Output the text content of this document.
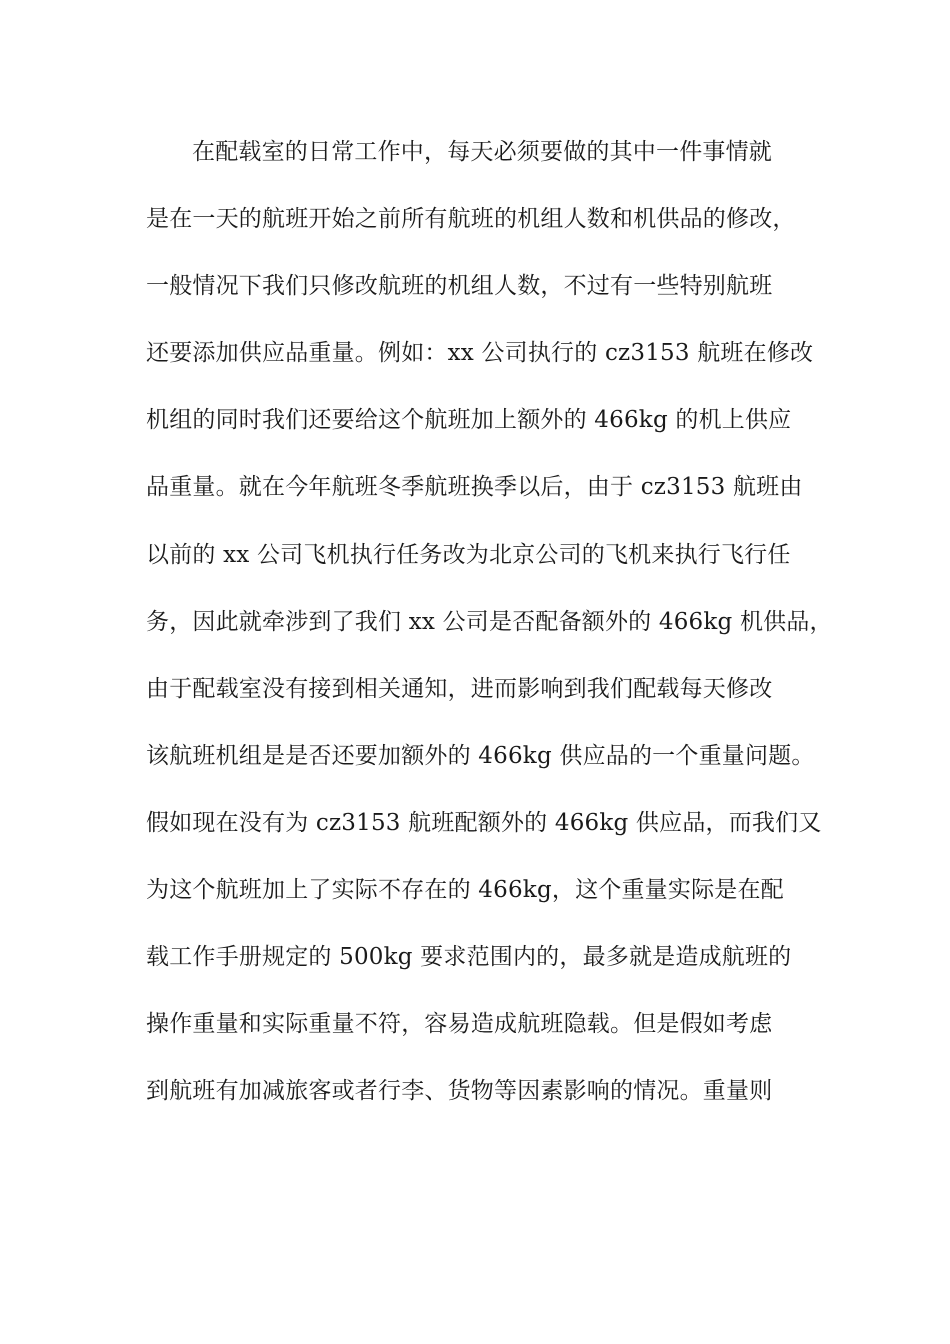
在配载室的日常工作中，每天必须要做的其中一件事情就
是在一天的航班开始之前所有航班的机组人数和机供品的修改，
一般情况下我们只修改航班的机组人数，不过有一些特别航班
还要添加供应品重量。例如：xx 公司执行的 cz3153 航班在修改
机组的同时我们还要给这个航班加上额外的 466kg 的机上供应
品重量。就在今年航班冬季航班换季以后，由于 cz3153 航班由
以前的 xx 公司飞机执行任务改为北京公司的飞机来执行飞行任
务，因此就牵涉到了我们 xx 公司是否配备额外的 466kg 机供品，
由于配载室没有接到相关通知，进而影响到我们配载每天修改
该航班机组是是否还要加额外的 466kg 供应品的一个重量问题。
假如现在没有为 cz3153 航班配额外的 466kg 供应品，而我们又
为这个航班加上了实际不存在的 466kg，这个重量实际是在配
载工作手册规定的 500kg 要求范围内的，最多就是造成航班的
操作重量和实际重量不符，容易造成航班隐载。但是假如考虑
到航班有加减旅客或者行李、货物等因素影响的情况。重量则
